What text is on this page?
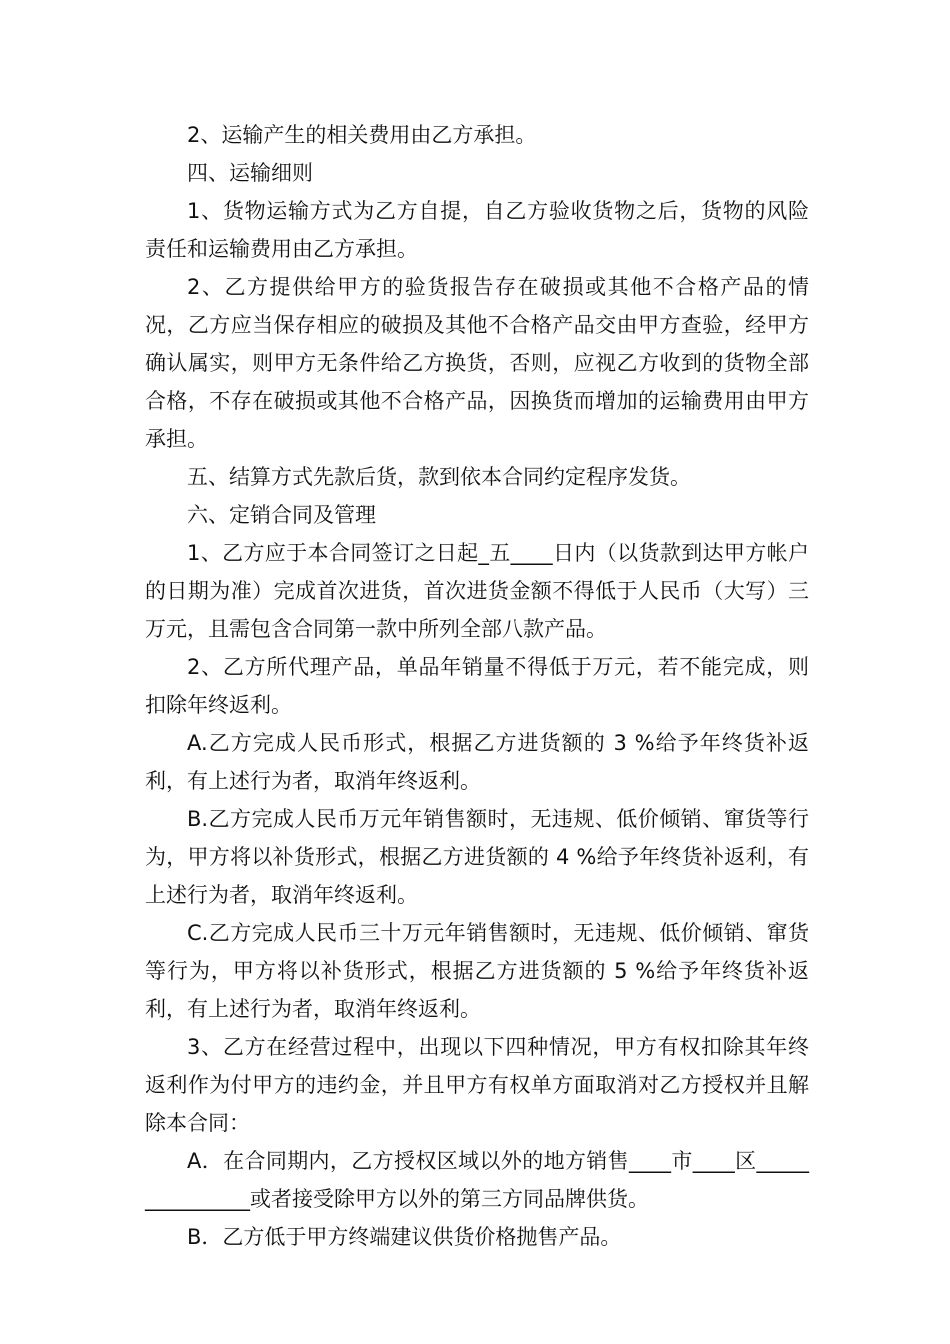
2、运输产生的相关费用由乙方承担。

四、运输细则

1、货物运输方式为乙方自提，自乙方验收货物之后，货物的风险责任和运输费用由乙方承担。

2、乙方提供给甲方的验货报告存在破损或其他不合格产品的情况，乙方应当保存相应的破损及其他不合格产品交由甲方查验，经甲方确认属实，则甲方无条件给乙方换货，否则，应视乙方收到的货物全部合格，不存在破损或其他不合格产品，因换货而增加的运输费用由甲方承担。

五、结算方式先款后货，款到依本合同约定程序发货。

六、定销合同及管理

1、乙方应于本合同签订之日起_五____日内（以货款到达甲方帐户的日期为准）完成首次进货，首次进货金额不得低于人民币（大写）三万元，且需包含合同第一款中所列全部八款产品。

2、乙方所代理产品，单品年销量不得低于万元，若不能完成，则扣除年终返利。

A.乙方完成人民币形式，根据乙方进货额的 3 %给予年终货补返利，有上述行为者，取消年终返利。

B.乙方完成人民币万元年销售额时，无违规、低价倾销、窜货等行为，甲方将以补货形式，根据乙方进货额的 4 %给予年终货补返利，有上述行为者，取消年终返利。

C.乙方完成人民币三十万元年销售额时，无违规、低价倾销、窜货等行为，甲方将以补货形式，根据乙方进货额的 5 %给予年终货补返利，有上述行为者，取消年终返利。

3、乙方在经营过程中，出现以下四种情况，甲方有权扣除其年终返利作为付甲方的违约金，并且甲方有权单方面取消对乙方授权并且解除本合同：

A．在合同期内，乙方授权区域以外的地方销售____市____区_______________或者接受除甲方以外的第三方同品牌供货。

B．乙方低于甲方终端建议供货价格抛售产品。
